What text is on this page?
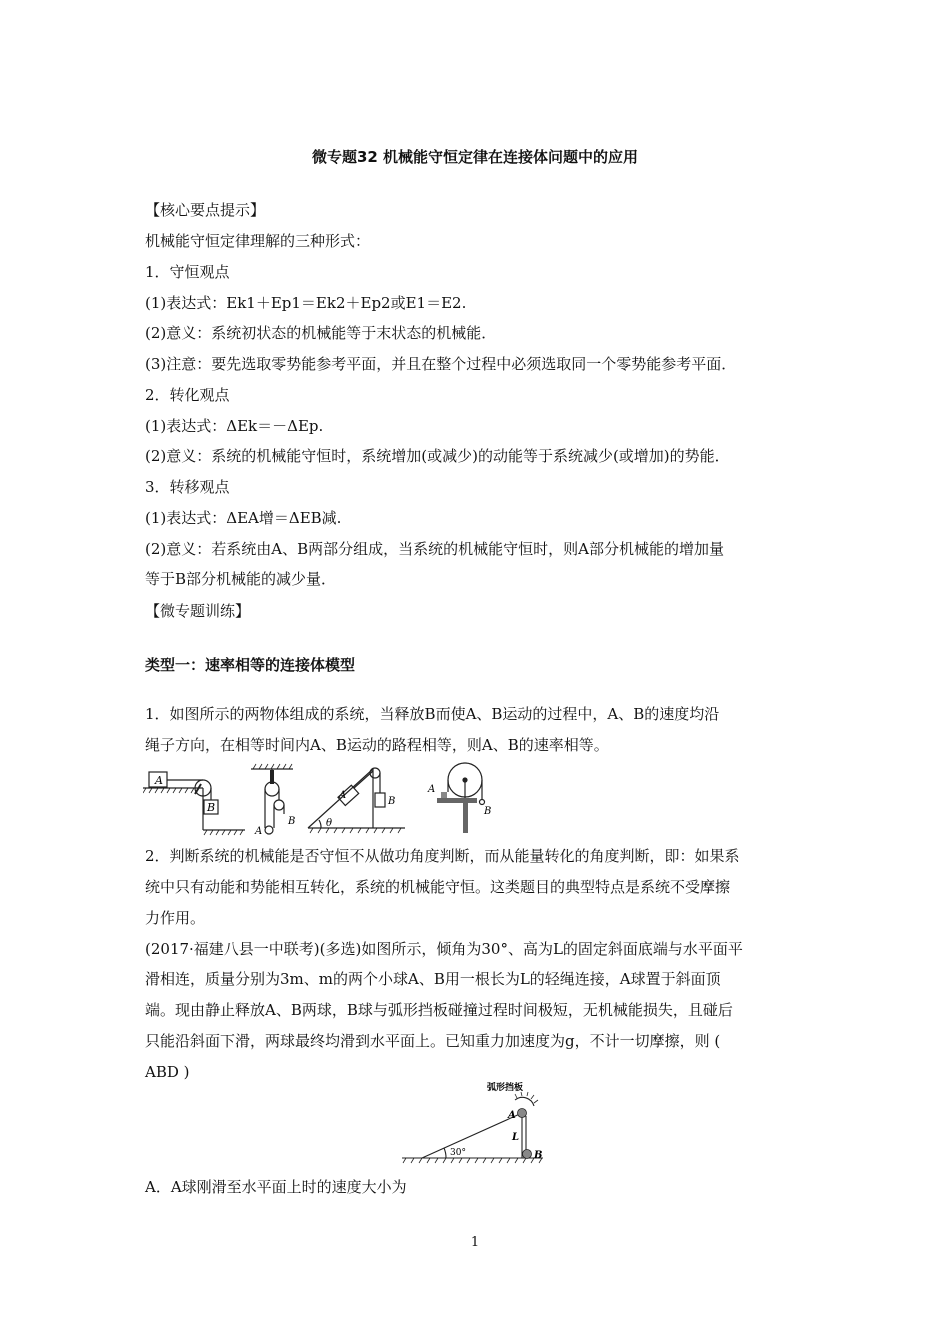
微专题32 机械能守恒定律在连接体问题中的应用
【核心要点提示】
机械能守恒定律理解的三种形式：
1．守恒观点
(1)表达式：Ek1＋Ep1＝Ek2＋Ep2或E1＝E2.
(2)意义：系统初状态的机械能等于末状态的机械能．
(3)注意：要先选取零势能参考平面，并且在整个过程中必须选取同一个零势能参考平面．
2．转化观点
(1)表达式：ΔEk＝－ΔEp.
(2)意义：系统的机械能守恒时，系统增加(或减少)的动能等于系统减少(或增加)的势能．
3．转移观点
(1)表达式：ΔEA增＝ΔEB减.
(2)意义：若系统由A、B两部分组成，当系统的机械能守恒时，则A部分机械能的增加量
等于B部分机械能的减少量．
【微专题训练】
类型一：速率相等的连接体模型
1．如图所示的两物体组成的系统，当释放B而使A、B运动的过程中，A、B的速度均沿
绳子方向，在相等时间内A、B运动的路程相等，则A、B的速率相等。
A
B
A
B
A
B
θ
A
B
2．判断系统的机械能是否守恒不从做功角度判断，而从能量转化的角度判断，即：如果系
统中只有动能和势能相互转化，系统的机械能守恒。这类题目的典型特点是系统不受摩擦
力作用。
(2017·福建八县一中联考)(多选)如图所示，倾角为30°、高为L的固定斜面底端与水平面平
滑相连，质量分别为3m、m的两个小球A、B用一根长为L的轻绳连接，A球置于斜面顶
端。现由静止释放A、B两球，B球与弧形挡板碰撞过程时间极短，无机械能损失，且碰后
只能沿斜面下滑，两球最终均滑到水平面上。已知重力加速度为g，不计一切摩擦，则 (
ABD )
弧形挡板
A
B
L
30°
A．A球刚滑至水平面上时的速度大小为
1
